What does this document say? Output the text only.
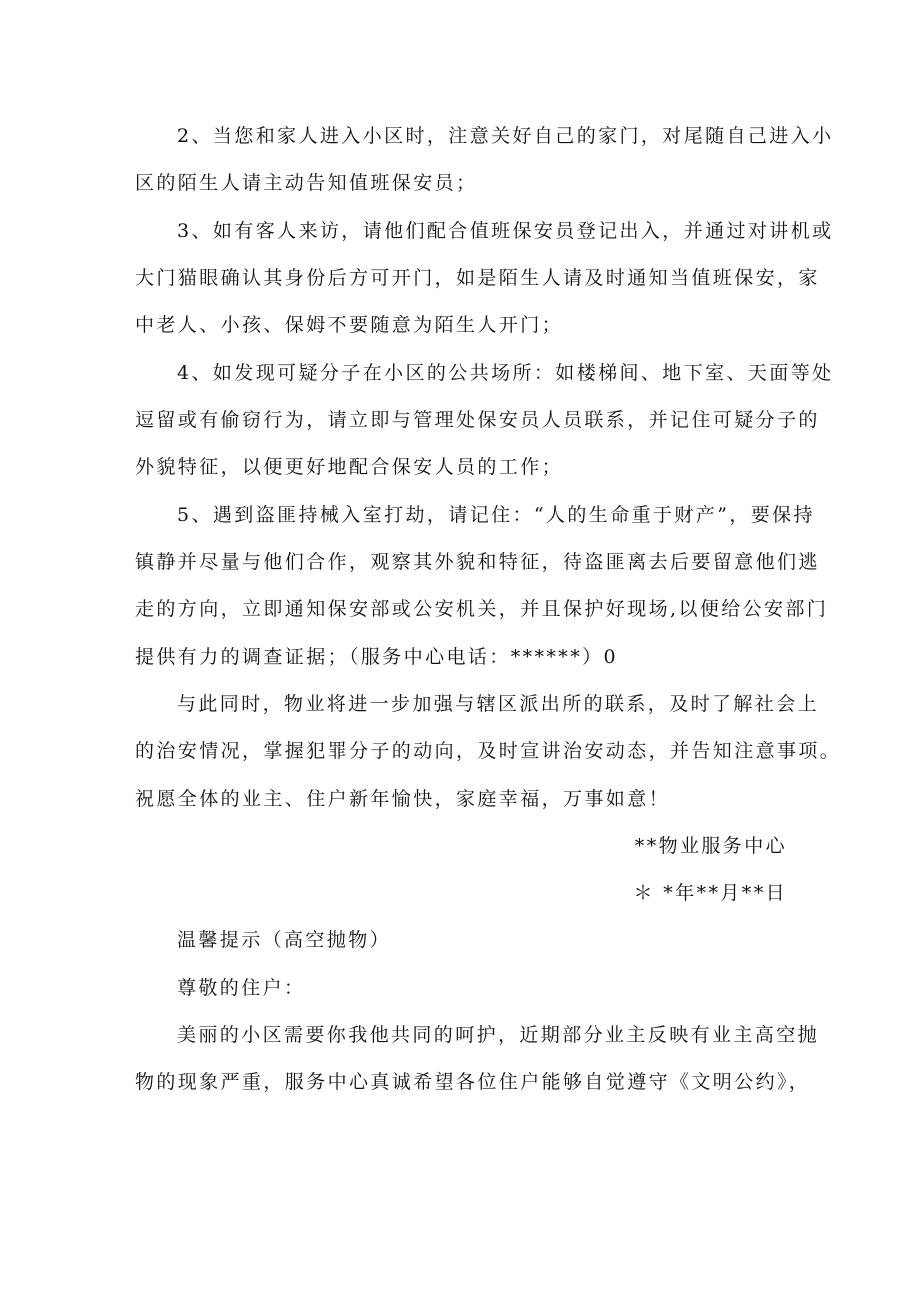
2、当您和家人进入小区时，注意关好自己的家门，对尾随自己进入小
区的陌生人请主动告知值班保安员；
3、如有客人来访，请他们配合值班保安员登记出入，并通过对讲机或
大门猫眼确认其身份后方可开门，如是陌生人请及时通知当值班保安，家
中老人、小孩、保姆不要随意为陌生人开门；
4、如发现可疑分子在小区的公共场所：如楼梯间、地下室、天面等处
逗留或有偷窃行为，请立即与管理处保安员人员联系，并记住可疑分子的
外貌特征，以便更好地配合保安人员的工作；
5、遇到盗匪持械入室打劫，请记住：“人的生命重于财产”，要保持
镇静并尽量与他们合作，观察其外貌和特征，待盗匪离去后要留意他们逃
走的方向，立即通知保安部或公安机关，并且保护好现场,以便给公安部门
提供有力的调查证据；（服务中心电话：******）0
与此同时，物业将进一步加强与辖区派出所的联系，及时了解社会上
的治安情况，掌握犯罪分子的动向，及时宣讲治安动态，并告知注意事项。
祝愿全体的业主、住户新年愉快，家庭幸福，万事如意！
**物业服务中心
＊ *年**月**日
温馨提示（高空抛物）
尊敬的住户：
美丽的小区需要你我他共同的呵护，近期部分业主反映有业主高空抛
物的现象严重，服务中心真诚希望各位住户能够自觉遵守《文明公约》，
